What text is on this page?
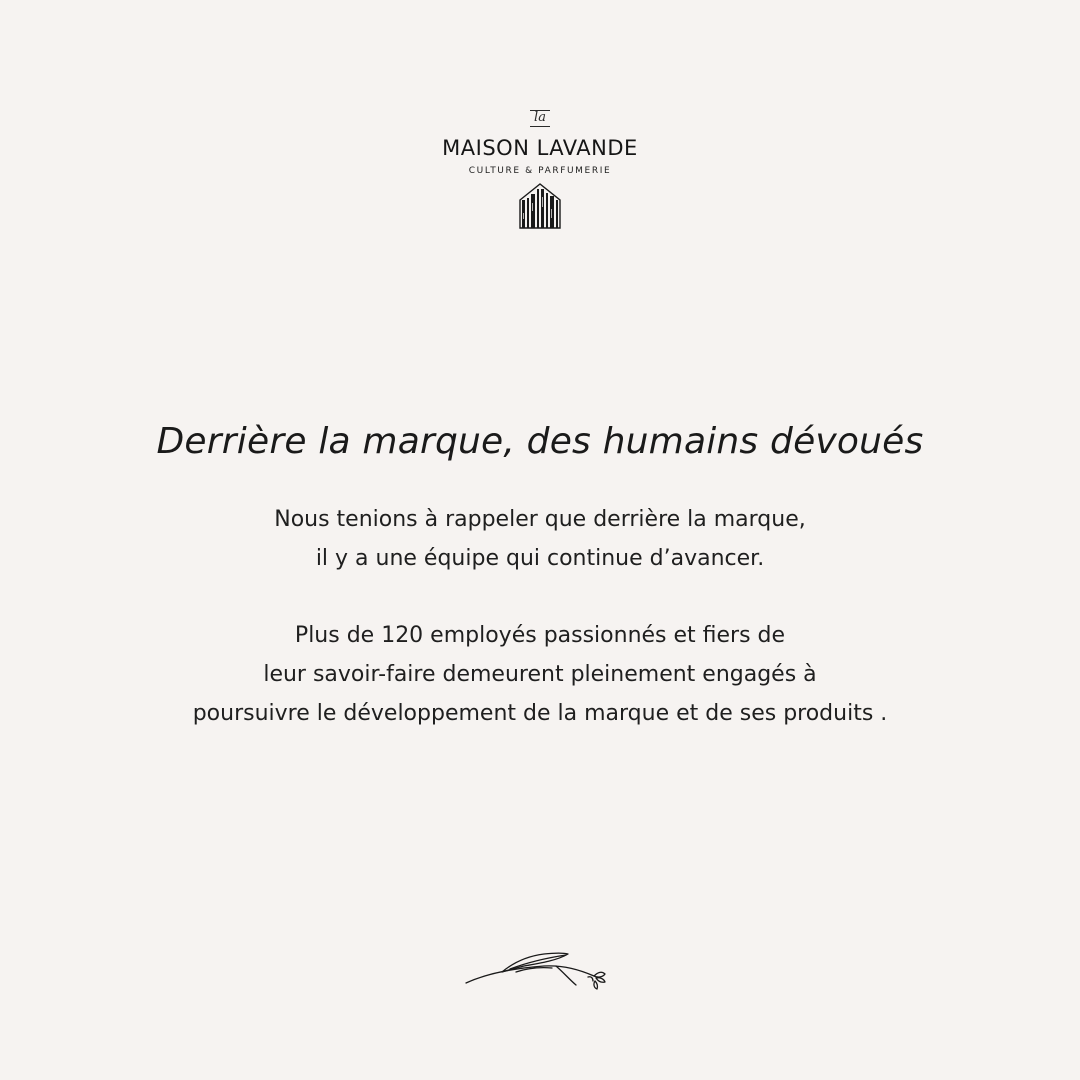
la
MAISON LAVANDE
CULTURE & PARFUMERIE
Derrière la marque, des humains dévoués
Nous tenions à rappeler que derrière la marque,
il y a une équipe qui continue d’avancer.
Plus de 120 employés passionnés et fiers de
leur savoir-faire demeurent pleinement engagés à
poursuivre le développement de la marque et de ses produits .
